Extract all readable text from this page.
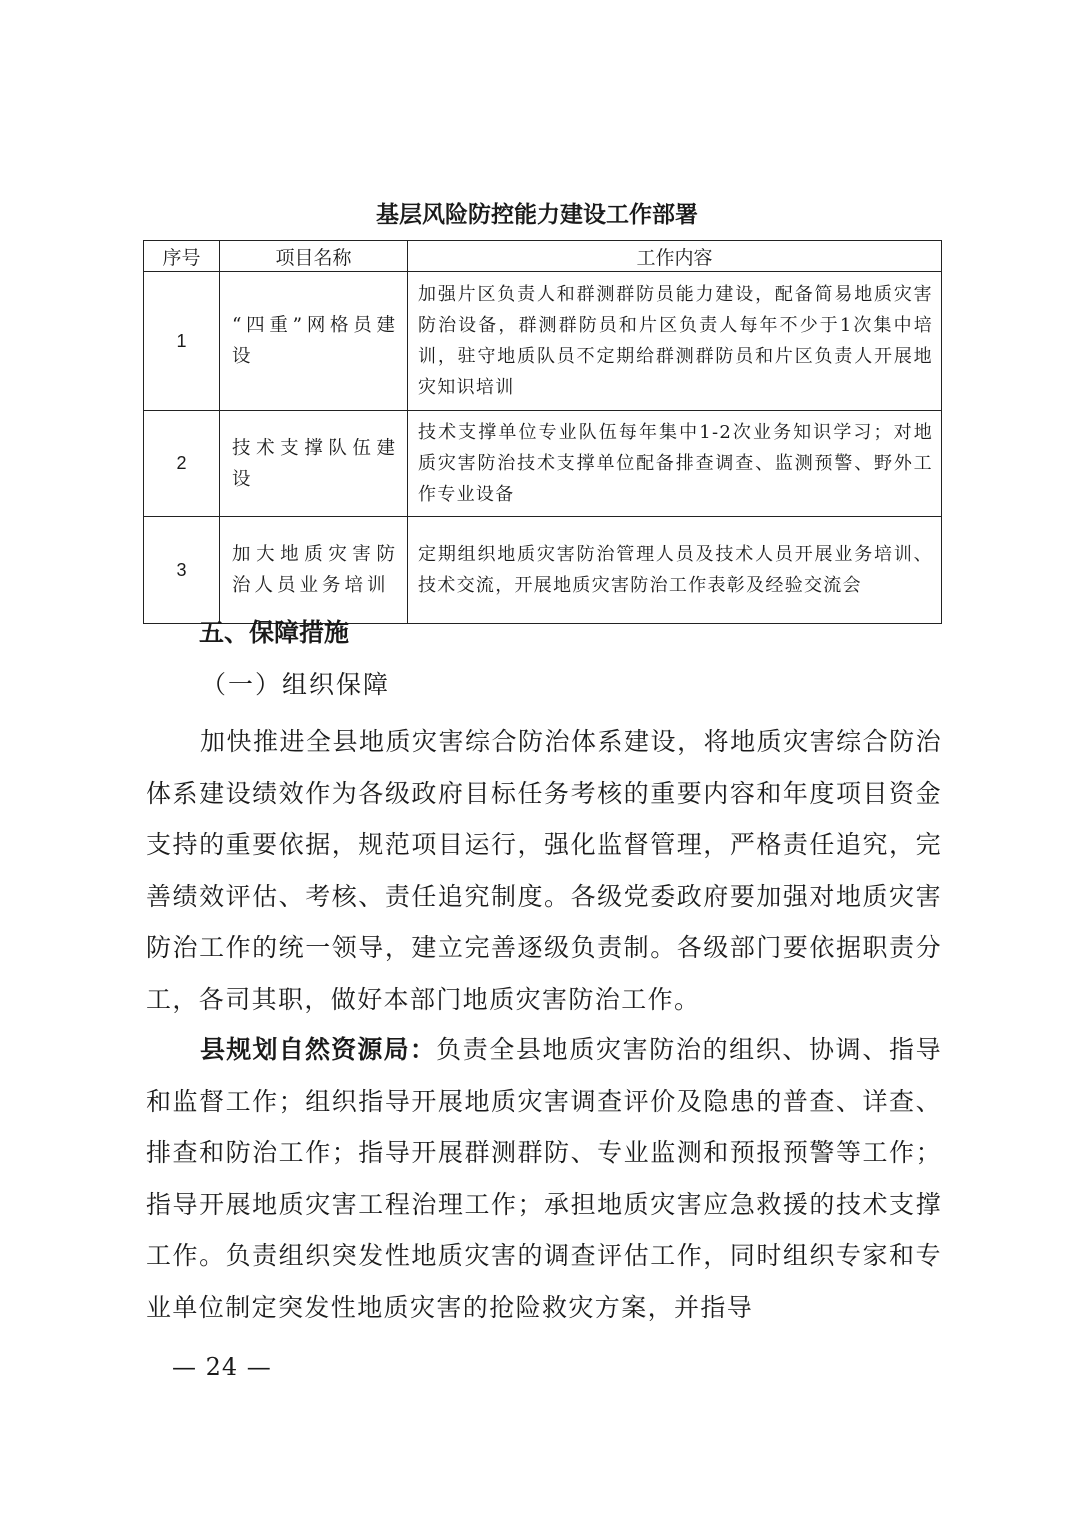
基层风险防控能力建设工作部署
序号	项目名称	工作内容
1	“四重”网格员建设	加强片区负责人和群测群防员能力建设，配备简易地质灾害防治设备，群测群防员和片区负责人每年不少于1次集中培训，驻守地质队员不定期给群测群防员和片区负责人开展地灾知识培训
2	技术支撑队伍建设	技术支撑单位专业队伍每年集中1-2次业务知识学习；对地质灾害防治技术支撑单位配备排查调查、监测预警、野外工作专业设备
3	加大地质灾害防治人员业务培训	定期组织地质灾害防治管理人员及技术人员开展业务培训、技术交流，开展地质灾害防治工作表彰及经验交流会
五、保障措施
（一）组织保障

加快推进全县地质灾害综合防治体系建设，将地质灾害综合防治体系建设绩效作为各级政府目标任务考核的重要内容和年度项目资金支持的重要依据，规范项目运行，强化监督管理，严格责任追究，完善绩效评估、考核、责任追究制度。各级党委政府要加强对地质灾害防治工作的统一领导，建立完善逐级负责制。各级部门要依据职责分工，各司其职，做好本部门地质灾害防治工作。

县规划自然资源局：负责全县地质灾害防治的组织、协调、指导和监督工作；组织指导开展地质灾害调查评价及隐患的普查、详查、排查和防治工作；指导开展群测群防、专业监测和预报预警等工作；指导开展地质灾害工程治理工作；承担地质灾害应急救援的技术支撑工作。负责组织突发性地质灾害的调查评估工作，同时组织专家和专业单位制定突发性地质灾害的抢险救灾方案，并指导

— 24 —
